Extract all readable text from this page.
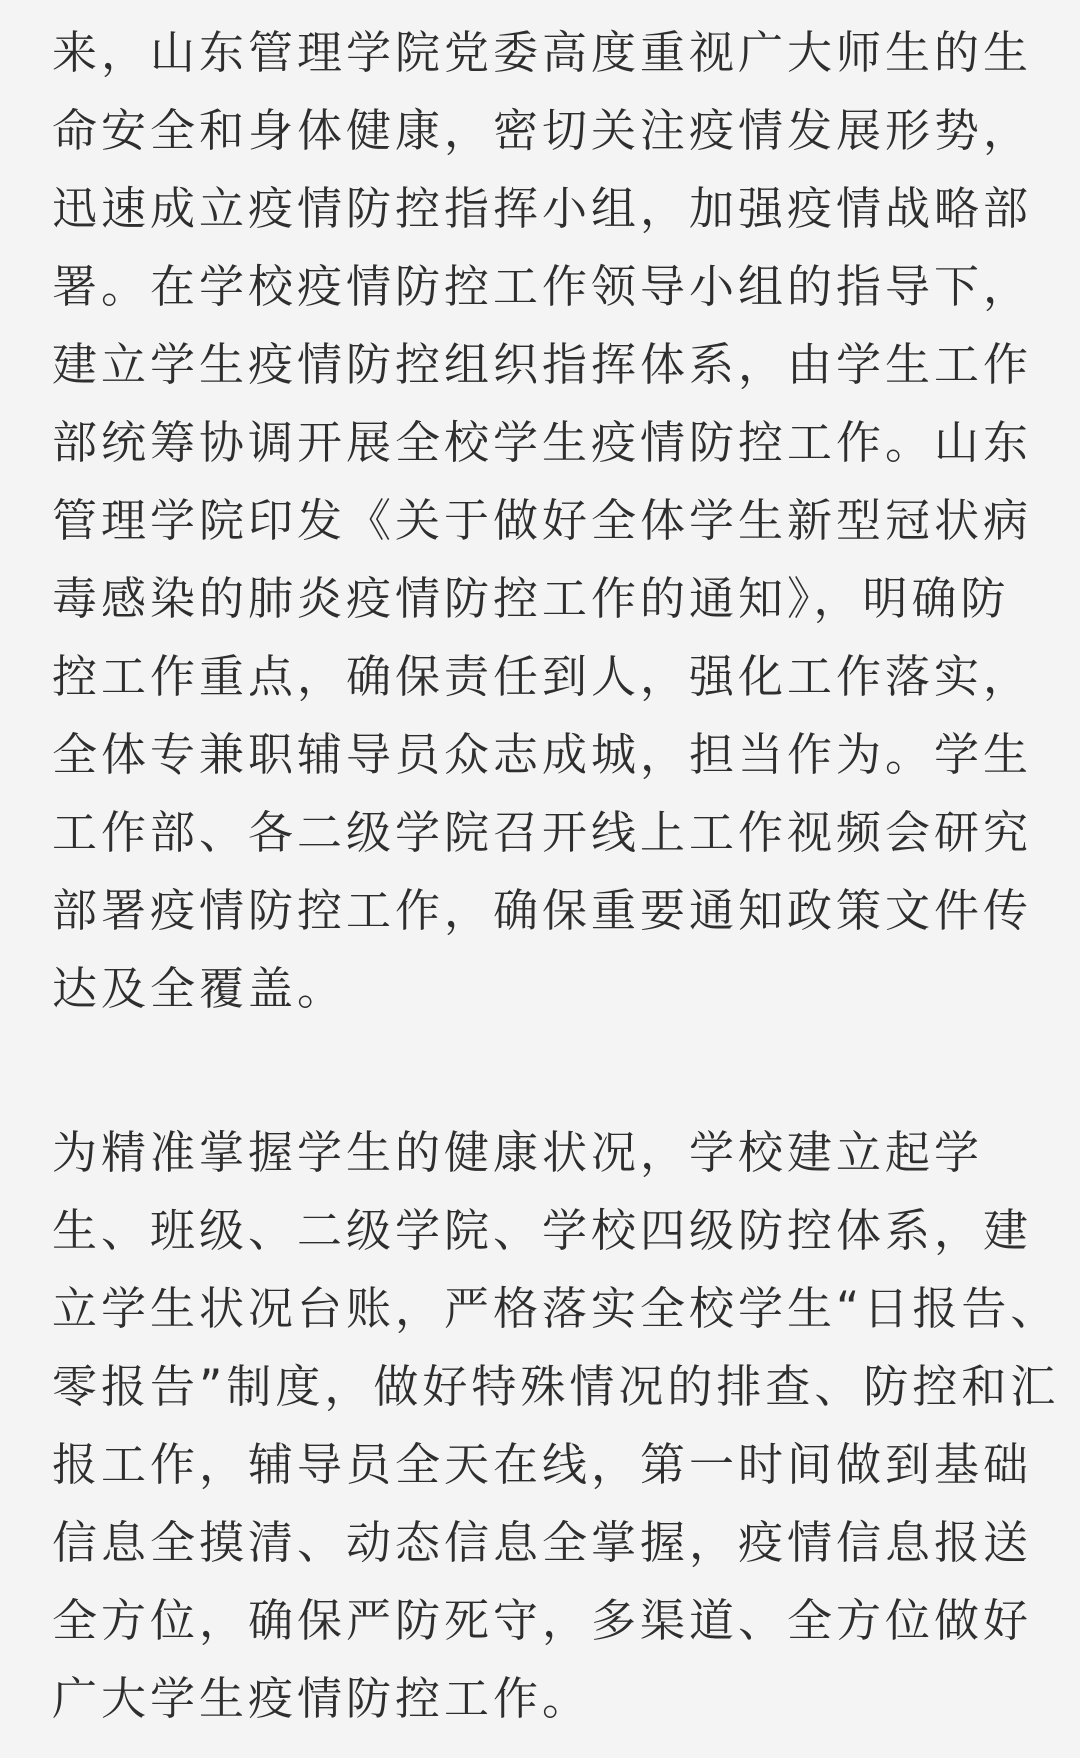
来，山东管理学院党委高度重视广大师生的生
命安全和身体健康，密切关注疫情发展形势，
迅速成立疫情防控指挥小组，加强疫情战略部
署。在学校疫情防控工作领导小组的指导下，
建立学生疫情防控组织指挥体系，由学生工作
部统筹协调开展全校学生疫情防控工作。山东
管理学院印发《关于做好全体学生新型冠状病
毒感染的肺炎疫情防控工作的通知》，明确防
控工作重点，确保责任到人，强化工作落实，
全体专兼职辅导员众志成城，担当作为。学生
工作部、各二级学院召开线上工作视频会研究
部署疫情防控工作，确保重要通知政策文件传
达及全覆盖。
为精准掌握学生的健康状况，学校建立起学
生、班级、二级学院、学校四级防控体系，建
立学生状况台账，严格落实全校学生“日报告、
零报告”制度，做好特殊情况的排查、防控和汇
报工作，辅导员全天在线，第一时间做到基础
信息全摸清、动态信息全掌握，疫情信息报送
全方位，确保严防死守，多渠道、全方位做好
广大学生疫情防控工作。
